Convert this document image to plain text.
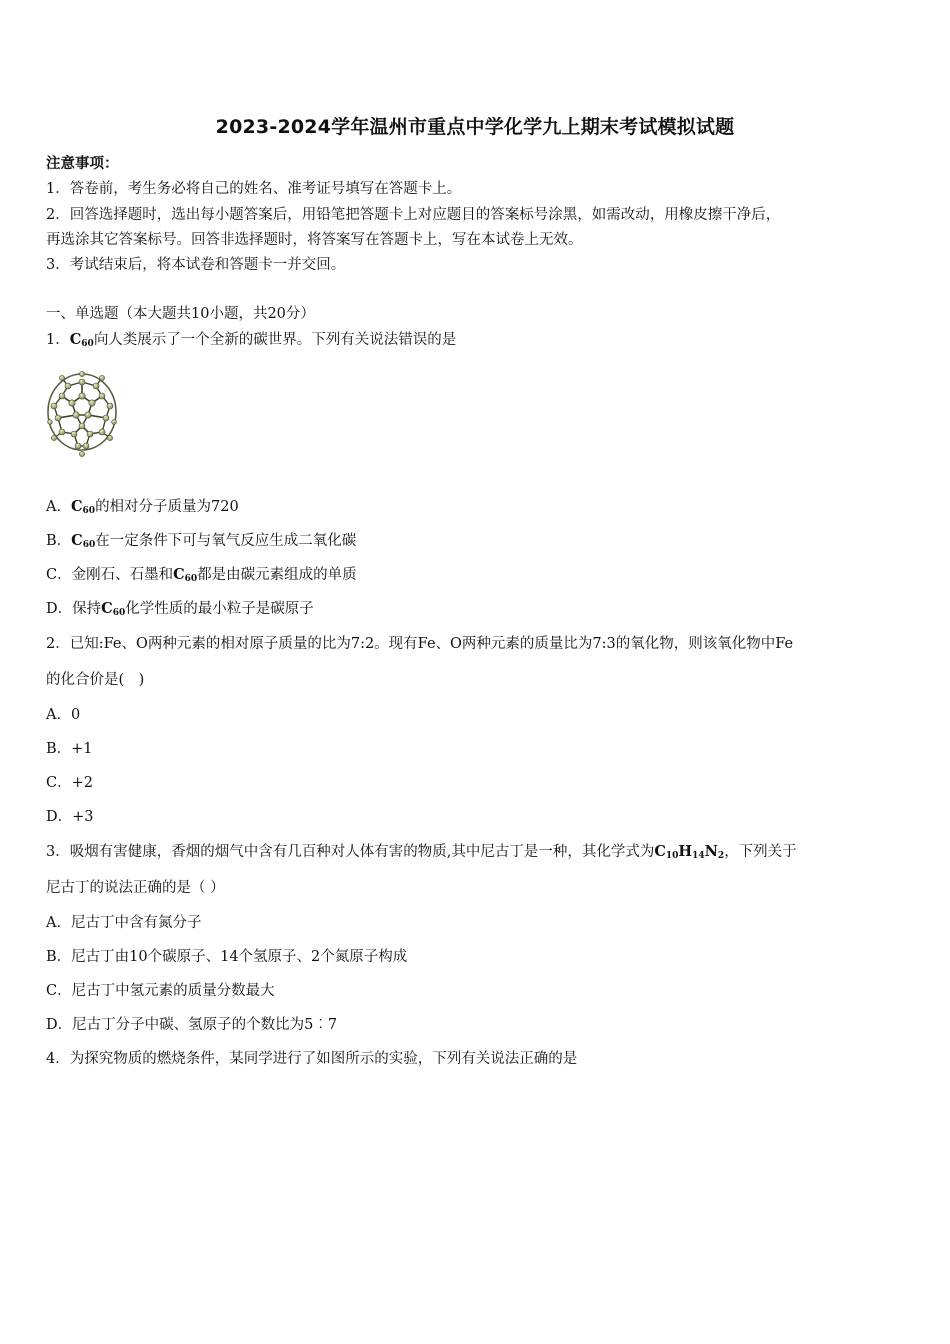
2023-2024学年温州市重点中学化学九上期末考试模拟试题
注意事项：
1．答卷前，考生务必将自己的姓名、准考证号填写在答题卡上。
2．回答选择题时，选出每小题答案后，用铅笔把答题卡上对应题目的答案标号涂黑，如需改动，用橡皮擦干净后，
再选涂其它答案标号。回答非选择题时，将答案写在答题卡上，写在本试卷上无效。
3．考试结束后，将本试卷和答题卡一并交回。
一、单选题（本大题共10小题，共20分）
1．$C_{60}$向人类展示了一个全新的碳世界。下列有关说法错误的是
A．$C_{60}$的相对分子质量为720
B．$C_{60}$在一定条件下可与氧气反应生成二氧化碳
C．金刚石、石墨和$C_{60}$都是由碳元素组成的单质
D．保持$C_{60}$化学性质的最小粒子是碳原子
2．已知:Fe、O两种元素的相对原子质量的比为7:2。现有Fe、O两种元素的质量比为7:3的氧化物，则该氧化物中Fe
的化合价是(　)
A．0
B．+1
C．+2
D．+3
3．吸烟有害健康，香烟的烟气中含有几百种对人体有害的物质,其中尼古丁是一种，其化学式为$C_{10}H_{14}N_2$，下列关于
尼古丁的说法正确的是（ ）
A．尼古丁中含有氮分子
B．尼古丁由10个碳原子、14个氢原子、2个氮原子构成
C．尼古丁中氢元素的质量分数最大
D．尼古丁分子中碳、氢原子的个数比为5︰7
4．为探究物质的燃烧条件，某同学进行了如图所示的实验，下列有关说法正确的是
